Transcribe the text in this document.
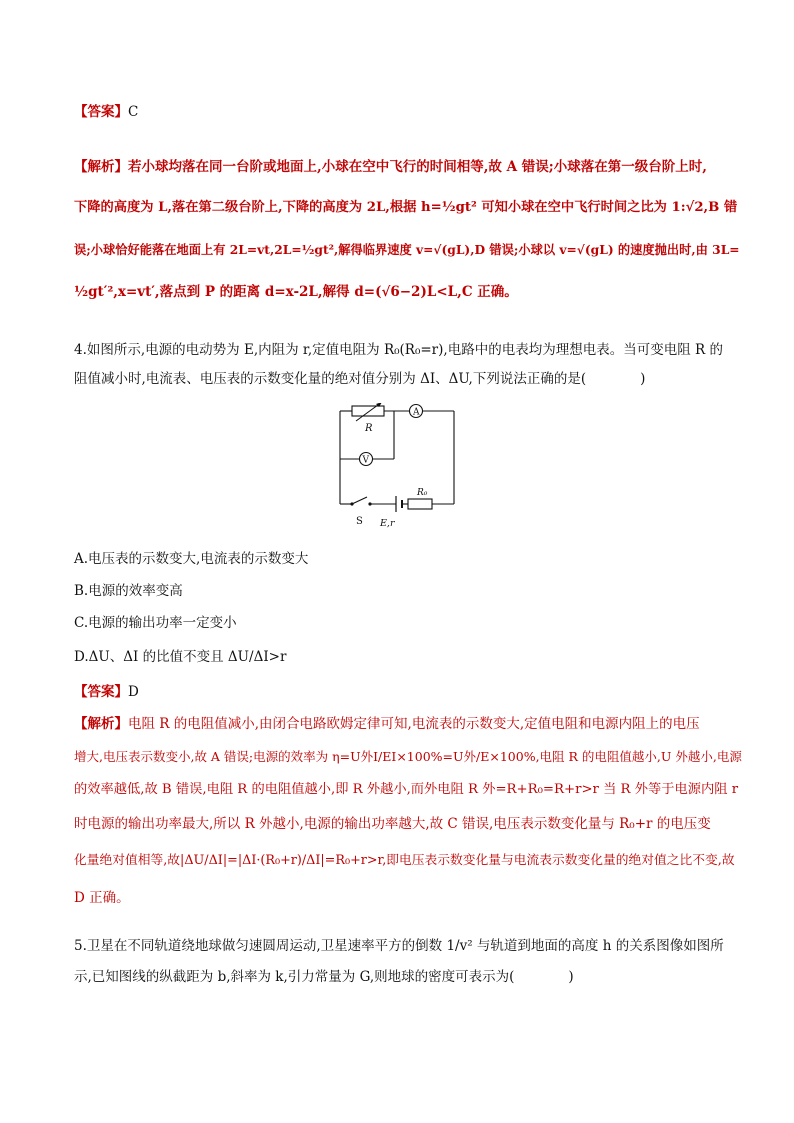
【答案】C
【解析】若小球均落在同一台阶或地面上,小球在空中飞行的时间相等,故 A 错误;小球落在第一级台阶上时,
下降的高度为 L,落在第二级台阶上,下降的高度为 2L,根据 h=½gt² 可知小球在空中飞行时间之比为 1:√2,B 错
误;小球恰好能落在地面上有 2L=vt,2L=½gt²,解得临界速度 v=√(gL),D 错误;小球以 v=√(gL) 的速度抛出时,由 3L=
½gt′²,x=vt′,落点到 P 的距离 d=x-2L,解得 d=(√6−2)L<L,C 正确。
4.如图所示,电源的电动势为 E,内阻为 r,定值电阻为 R₀(R₀=r),电路中的电表均为理想电表。当可变电阻 R 的
阻值减小时,电流表、电压表的示数变化量的绝对值分别为 ΔI、ΔU,下列说法正确的是(　　　　)
R
A
V
S E,r
R₀
A.电压表的示数变大,电流表的示数变大
B.电源的效率变高
C.电源的输出功率一定变小
D.ΔU、ΔI 的比值不变且 ΔU/ΔI>r
【答案】D
【解析】电阻 R 的电阻值减小,由闭合电路欧姆定律可知,电流表的示数变大,定值电阻和电源内阻上的电压
增大,电压表示数变小,故 A 错误;电源的效率为 η=U外I/EI×100%=U外/E×100%,电阻 R 的电阻值越小,U 外越小,电源
的效率越低,故 B 错误,电阻 R 的电阻值越小,即 R 外越小,而外电阻 R 外=R+R₀=R+r>r 当 R 外等于电源内阻 r
时电源的输出功率最大,所以 R 外越小,电源的输出功率越大,故 C 错误,电压表示数变化量与 R₀+r 的电压变
化量绝对值相等,故|ΔU/ΔI|=|ΔI·(R₀+r)/ΔI|=R₀+r>r,即电压表示数变化量与电流表示数变化量的绝对值之比不变,故
D 正确。
5.卫星在不同轨道绕地球做匀速圆周运动,卫星速率平方的倒数 1/v² 与轨道到地面的高度 h 的关系图像如图所
示,已知图线的纵截距为 b,斜率为 k,引力常量为 G,则地球的密度可表示为(　　　　)
